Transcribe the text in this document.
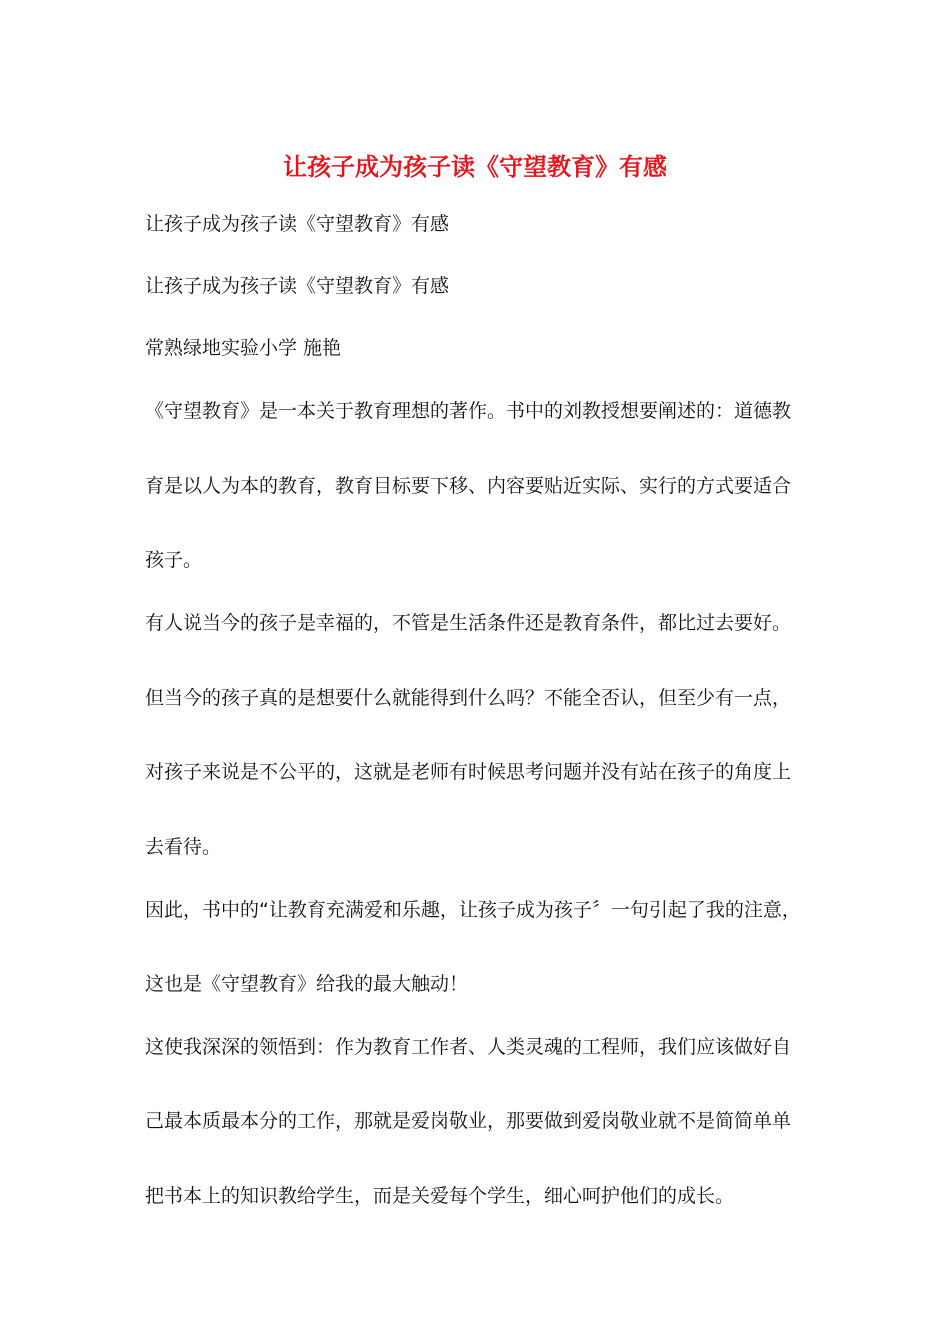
让孩子成为孩子读《守望教育》有感

让孩子成为孩子读《守望教育》有感

让孩子成为孩子读《守望教育》有感

常熟绿地实验小学 施艳

《守望教育》是一本关于教育理想的著作。书中的刘教授想要阐述的：道德教

育是以人为本的教育，教育目标要下移、内容要贴近实际、实行的方式要适合

孩子。

有人说当今的孩子是幸福的，不管是生活条件还是教育条件，都比过去要好。

但当今的孩子真的是想要什么就能得到什么吗？不能全否认，但至少有一点，

对孩子来说是不公平的，这就是老师有时候思考问题并没有站在孩子的角度上

去看待。

因此，书中的“让教育充满爱和乐趣，让孩子成为孩子〞一句引起了我的注意，

这也是《守望教育》给我的最大触动！

这使我深深的领悟到：作为教育工作者、人类灵魂的工程师，我们应该做好自

己最本质最本分的工作，那就是爱岗敬业，那要做到爱岗敬业就不是简简单单

把书本上的知识教给学生，而是关爱每个学生，细心呵护他们的成长。
